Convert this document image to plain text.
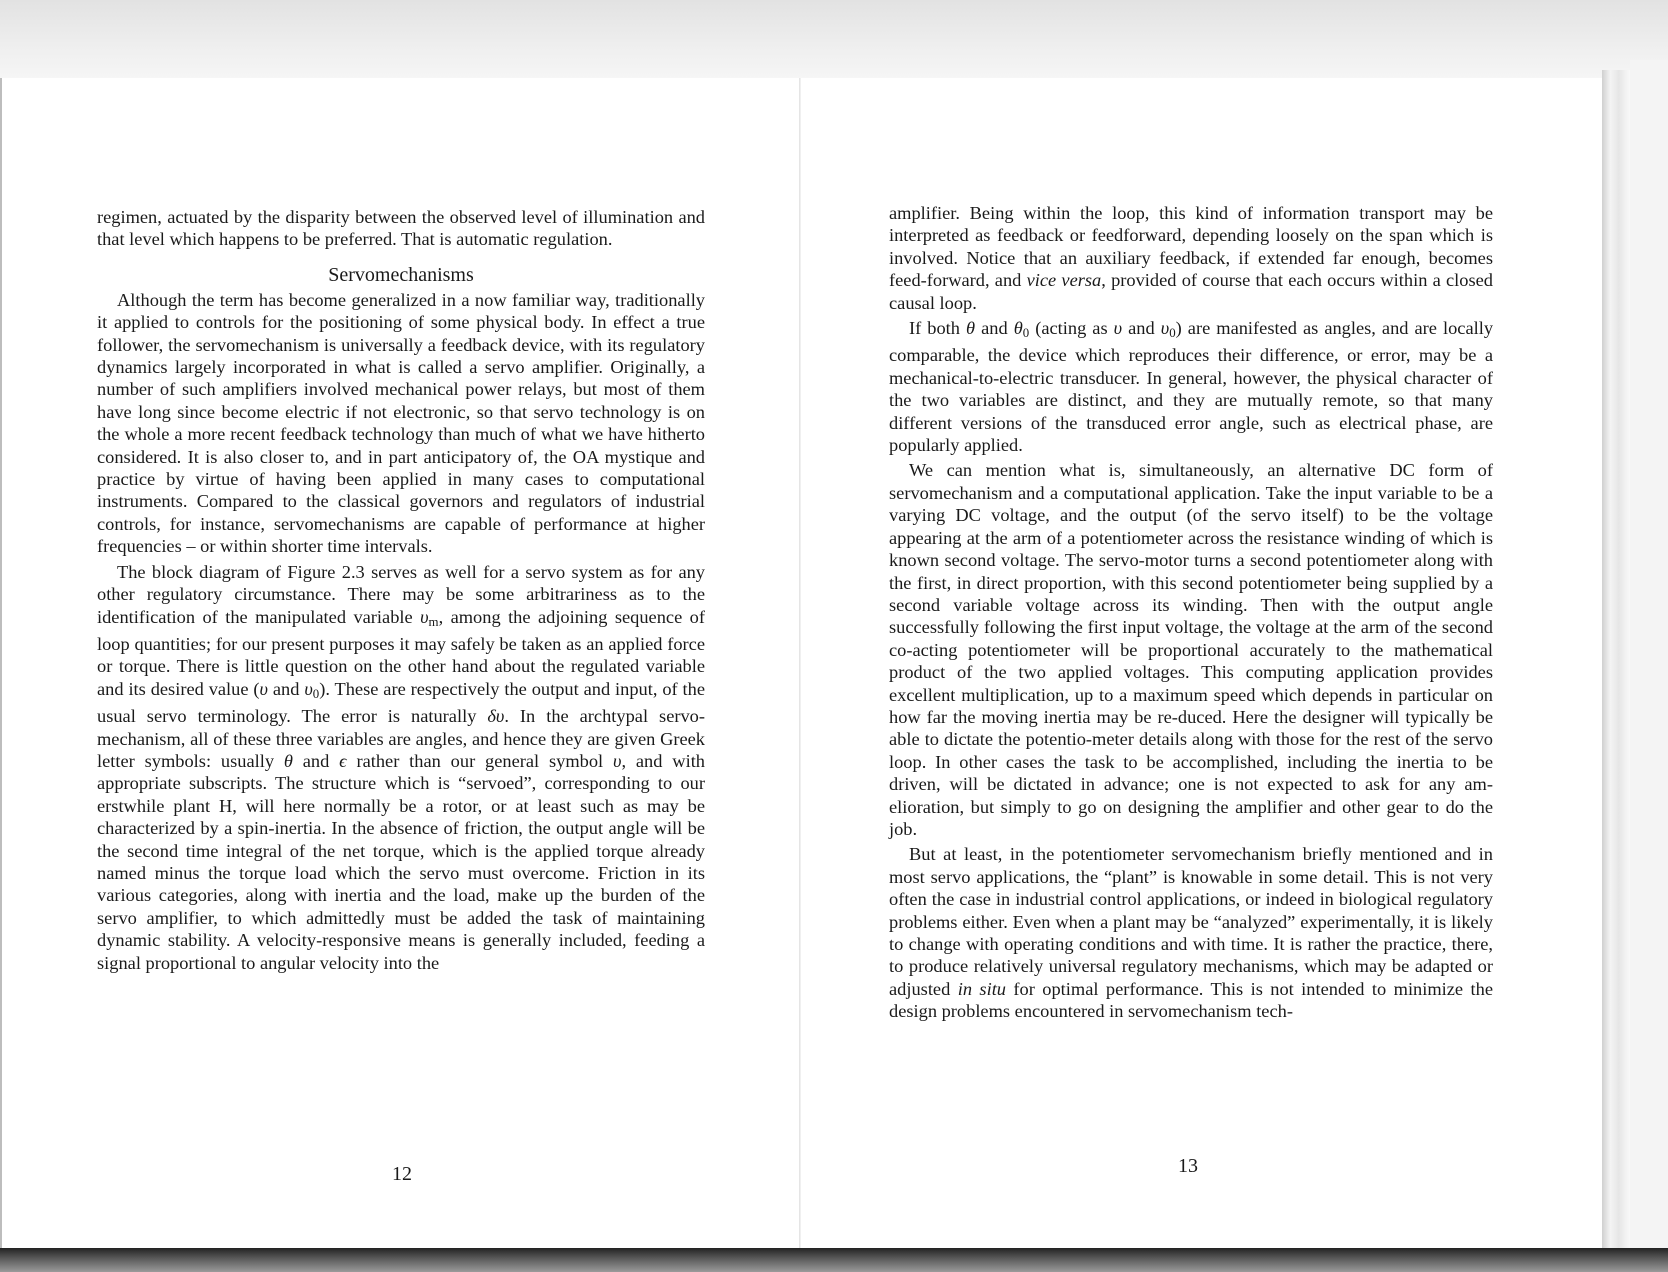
regimen, actuated by the disparity between the observed level of illumination and that level which happens to be preferred. That is automatic regulation.

Servomechanisms

Although the term has become generalized in a now familiar way, traditionally it applied to controls for the positioning of some physical body. In effect a true follower, the servomechanism is universally a feedback device, with its regulatory dynamics largely incorporated in what is called a servo amplifier. Originally, a number of such amplifiers involved mechanical power relays, but most of them have long since become electric if not electronic, so that servo technology is on the whole a more recent feedback technology than much of what we have hitherto considered. It is also closer to, and in part anticipatory of, the OA mystique and practice by virtue of having been applied in many cases to computational instruments. Compared to the classical governors and regulators of industrial controls, for instance, servomechanisms are capable of performance at higher frequencies – or within shorter time intervals.

The block diagram of Figure 2.3 serves as well for a servo system as for any other regulatory circumstance. There may be some arbitrariness as to the identification of the manipulated variable $\upsilon_m$, among the adjoining sequence of loop quantities; for our present purposes it may safely be taken as an applied force or torque. There is little question on the other hand about the regulated variable and its desired value (υ and $\upsilon_0$). These are respectively the output and input, of the usual servo terminology. The error is naturally δυ. In the archtypal servo-mechanism, all of these three variables are angles, and hence they are given Greek letter symbols: usually θ and ϵ rather than our general symbol υ, and with appropriate subscripts. The structure which is “servoed”, corresponding to our erstwhile plant H, will here normally be a rotor, or at least such as may be characterized by a spin-inertia. In the absence of friction, the output angle will be the second time integral of the net torque, which is the applied torque already named minus the torque load which the servo must overcome. Friction in its various categories, along with inertia and the load, make up the burden of the servo amplifier, to which admittedly must be added the task of maintaining dynamic stability. A velocity-responsive means is generally included, feeding a signal proportional to angular velocity into the

12

amplifier. Being within the loop, this kind of information transport may be interpreted as feedback or feedforward, depending loosely on the span which is involved. Notice that an auxiliary feedback, if extended far enough, becomes feed-forward, and vice versa, provided of course that each occurs within a closed causal loop.

If both θ and $\theta_0$ (acting as υ and $\upsilon_0$) are manifested as angles, and are locally comparable, the device which reproduces their difference, or error, may be a mechanical-to-electric transducer. In general, however, the physical character of the two variables are distinct, and they are mutually remote, so that many different versions of the transduced error angle, such as electrical phase, are popularly applied.

We can mention what is, simultaneously, an alternative DC form of servomechanism and a computational application. Take the input variable to be a varying DC voltage, and the output (of the servo itself) to be the voltage appearing at the arm of a potentiometer across the resistance winding of which is known second voltage. The servo-motor turns a second potentiometer along with the first, in direct proportion, with this second potentiometer being supplied by a second variable voltage across its winding. Then with the output angle successfully following the first input voltage, the voltage at the arm of the second co-acting potentiometer will be proportional accurately to the mathematical product of the two applied voltages. This computing application provides excellent multiplication, up to a maximum speed which depends in particular on how far the moving inertia may be re-duced. Here the designer will typically be able to dictate the potentio-meter details along with those for the rest of the servo loop. In other cases the task to be accomplished, including the inertia to be driven, will be dictated in advance; one is not expected to ask for any am-elioration, but simply to go on designing the amplifier and other gear to do the job.

But at least, in the potentiometer servomechanism briefly mentioned and in most servo applications, the “plant” is knowable in some detail. This is not very often the case in industrial control applications, or indeed in biological regulatory problems either. Even when a plant may be “analyzed” experimentally, it is likely to change with operating conditions and with time. It is rather the practice, there, to produce relatively universal regulatory mechanisms, which may be adapted or adjusted in situ for optimal performance. This is not intended to minimize the design problems encountered in servomechanism tech-

13
